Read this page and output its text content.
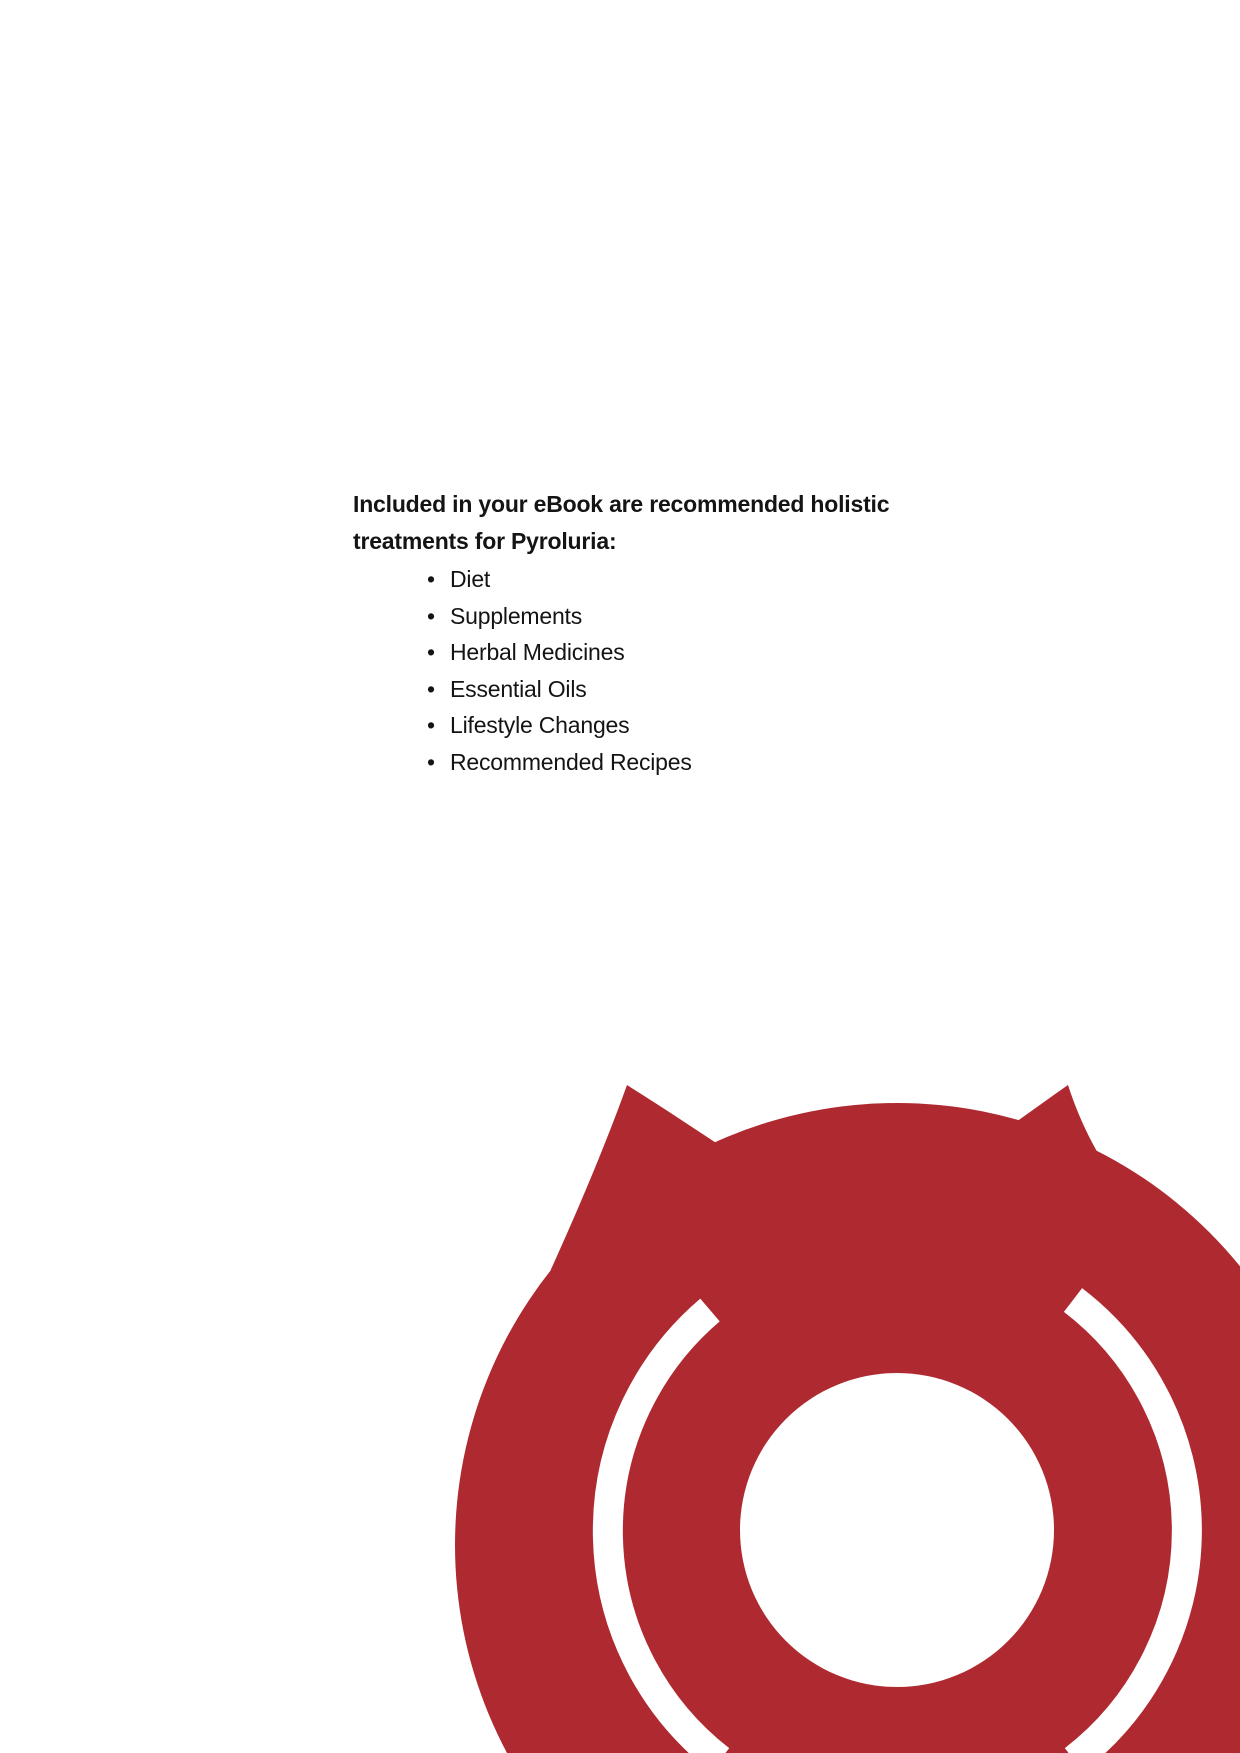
Included in your eBook are recommended holistic
treatments for Pyroluria:
• Diet
• Supplements
• Herbal Medicines
• Essential Oils
• Lifestyle Changes
• Recommended Recipes
